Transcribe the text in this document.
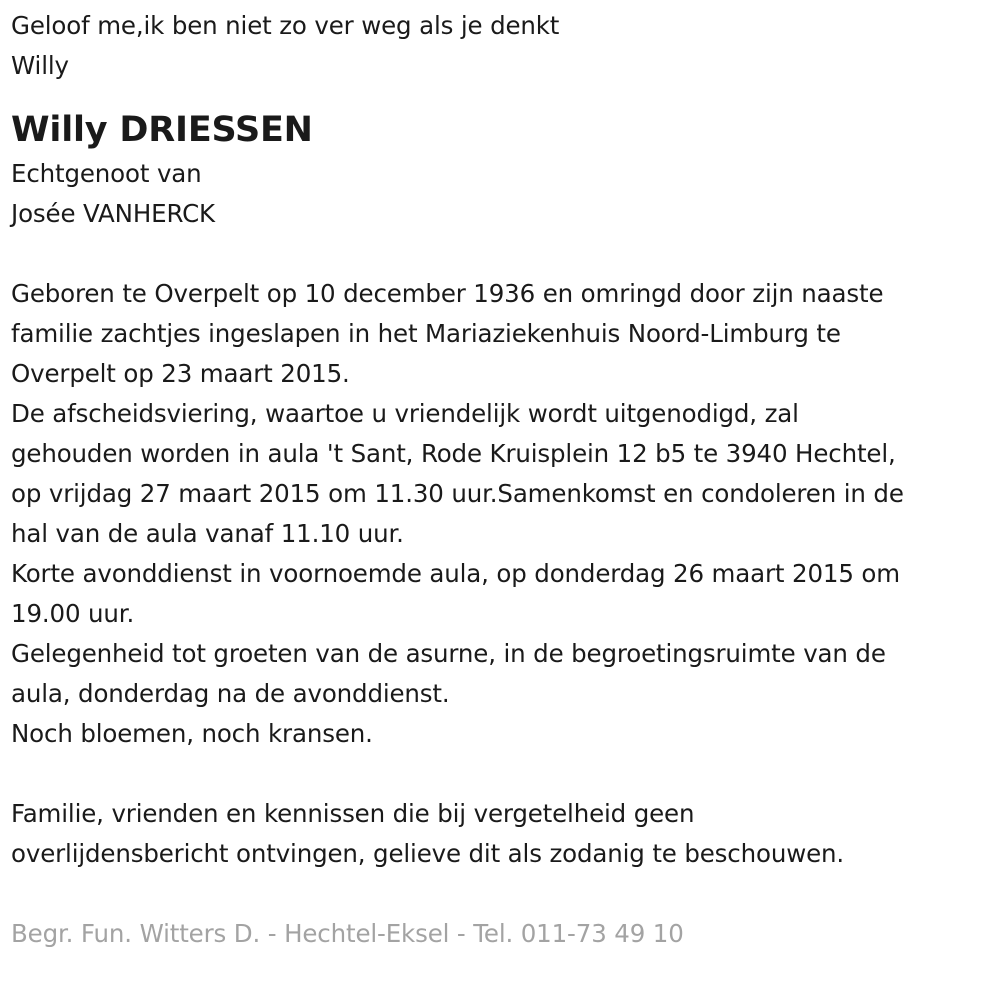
Geloof me,ik ben niet zo ver weg als je denkt
Willy
Willy DRIESSEN
Echtgenoot van
Josée VANHERCK
Geboren te Overpelt op 10 december 1936 en omringd door zijn naaste
familie zachtjes ingeslapen in het Mariaziekenhuis Noord-Limburg te
Overpelt op 23 maart 2015.
De afscheidsviering, waartoe u vriendelijk wordt uitgenodigd, zal
gehouden worden in aula 't Sant, Rode Kruisplein 12 b5 te 3940 Hechtel,
op vrijdag 27 maart 2015 om 11.30 uur.Samenkomst en condoleren in de
hal van de aula vanaf 11.10 uur.
Korte avonddienst in voornoemde aula, op donderdag 26 maart 2015 om
19.00 uur.
Gelegenheid tot groeten van de asurne, in de begroetingsruimte van de
aula, donderdag na de avonddienst.
Noch bloemen, noch kransen.
Familie, vrienden en kennissen die bij vergetelheid geen
overlijdensbericht ontvingen, gelieve dit als zodanig te beschouwen.
Begr. Fun. Witters D. - Hechtel-Eksel - Tel. 011-73 49 10
